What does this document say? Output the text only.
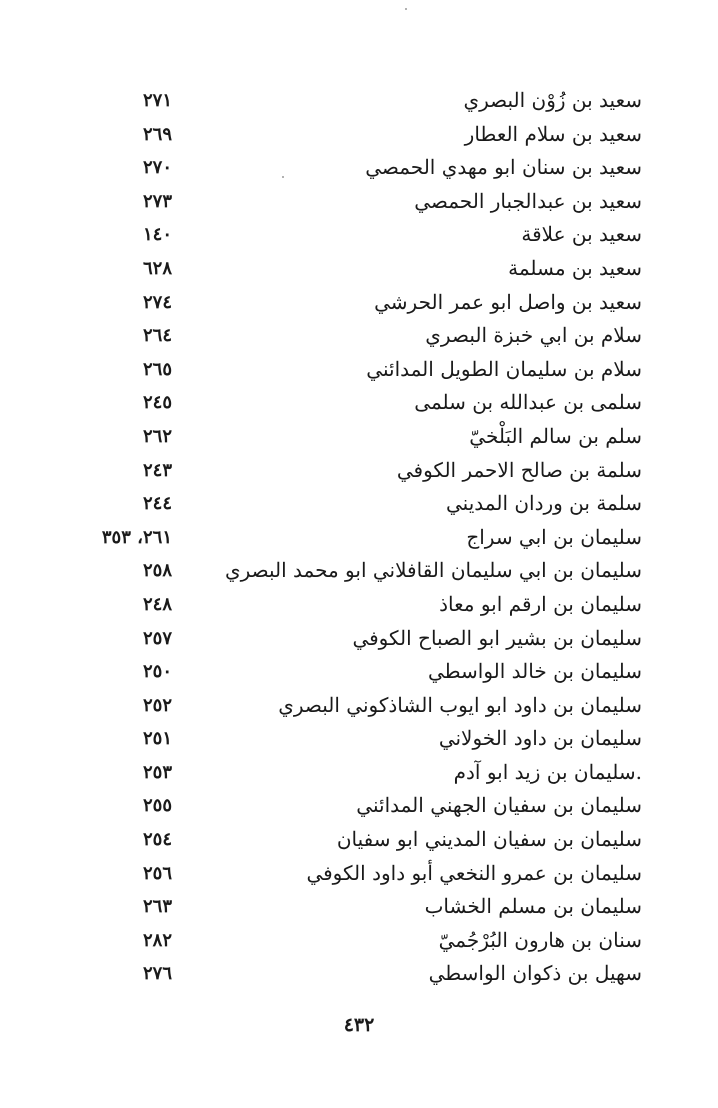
سعيد بن زُوْن البصري
٢٧١
سعيد بن سلام العطار
٢٦٩
سعيد بن سنان ابو مهدي الحمصي
٢٧٠
سعيد بن عبدالجبار الحمصي
٢٧٣
سعيد بن علاقة
١٤٠
سعيد بن مسلمة
٦٢٨
سعيد بن واصل ابو عمر الحرشي
٢٧٤
سلام بن ابي خبزة البصري
٢٦٤
سلام بن سليمان الطويل المدائني
٢٦٥
سلمى بن عبدالله بن سلمى
٢٤٥
سلم بن سالم البَلْخيّ
٢٦٢
سلمة بن صالح الاحمر الكوفي
٢٤٣
سلمة بن وردان المديني
٢٤٤
سليمان بن ابي سراج
٢٦١، ٣٥٣
سليمان بن ابي سليمان القافلاني ابو محمد البصري
٢٥٨
سليمان بن ارقم ابو معاذ
٢٤٨
سليمان بن بشير ابو الصباح الكوفي
٢٥٧
سليمان بن خالد الواسطي
٢٥٠
سليمان بن داود ابو ايوب الشاذكوني البصري
٢٥٢
سليمان بن داود الخولاني
٢٥١
.سليمان بن زيد ابو آدم
٢٥٣
سليمان بن سفيان الجهني المدائني
٢٥٥
سليمان بن سفيان المديني ابو سفيان
٢٥٤
سليمان بن عمرو النخعي أبو داود الكوفي
٢٥٦
سليمان بن مسلم الخشاب
٢٦٣
سنان بن هارون البُرْجُميّ
٢٨٢
سهيل بن ذكوان الواسطي
٢٧٦
٤٣٢
